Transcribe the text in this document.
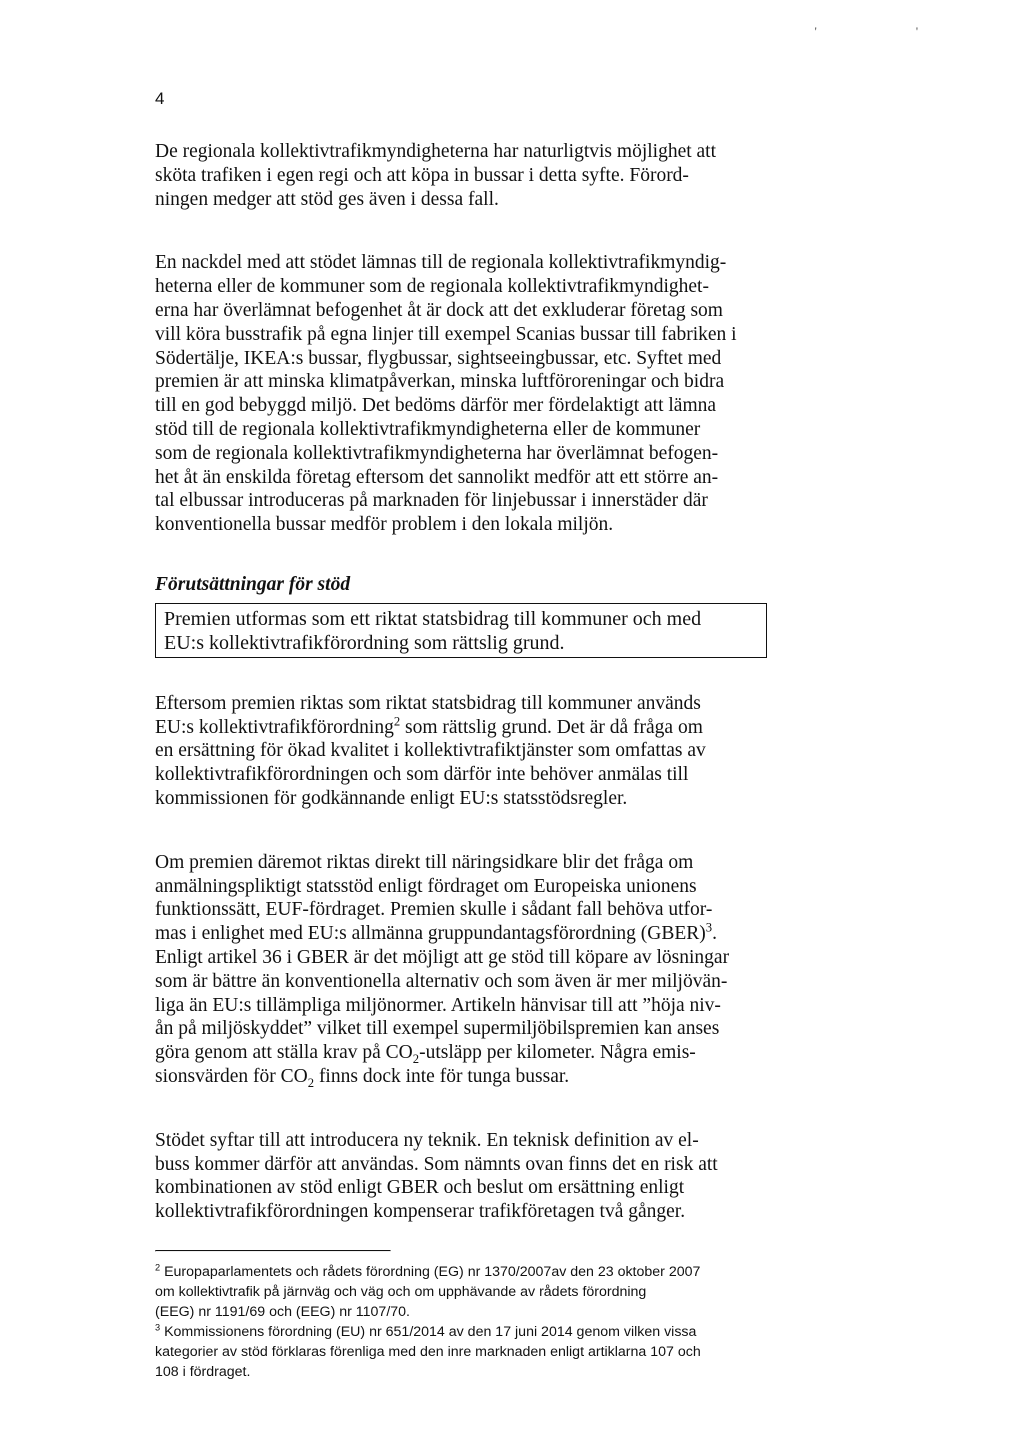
4
' '

De regionala kollektivtrafikmyndigheterna har naturligtvis möjlighet att
sköta trafiken i egen regi och att köpa in bussar i detta syfte. Förord-
ningen medger att stöd ges även i dessa fall.

En nackdel med att stödet lämnas till de regionala kollektivtrafikmyndig-
heterna eller de kommuner som de regionala kollektivtrafikmyndighet-
erna har överlämnat befogenhet åt är dock att det exkluderar företag som
vill köra busstrafik på egna linjer till exempel Scanias bussar till fabriken i
Södertälje, IKEA:s bussar, flygbussar, sightseeingbussar, etc. Syftet med
premien är att minska klimatpåverkan, minska luftföroreningar och bidra
till en god bebyggd miljö. Det bedöms därför mer fördelaktigt att lämna
stöd till de regionala kollektivtrafikmyndigheterna eller de kommuner
som de regionala kollektivtrafikmyndigheterna har överlämnat befogen-
het åt än enskilda företag eftersom det sannolikt medför att ett större an-
tal elbussar introduceras på marknaden för linjebussar i innerstäder där
konventionella bussar medför problem i den lokala miljön.

Förutsättningar för stöd

Premien utformas som ett riktat statsbidrag till kommuner och med
EU:s kollektivtrafikförordning som rättslig grund.

Eftersom premien riktas som riktat statsbidrag till kommuner används
EU:s kollektivtrafikförordning$^2$ som rättslig grund. Det är då fråga om
en ersättning för ökad kvalitet i kollektivtrafiktjänster som omfattas av
kollektivtrafikförordningen och som därför inte behöver anmälas till
kommissionen för godkännande enligt EU:s statsstödsregler.

Om premien däremot riktas direkt till näringsidkare blir det fråga om
anmälningspliktigt statsstöd enligt fördraget om Europeiska unionens
funktionssätt, EUF-fördraget. Premien skulle i sådant fall behöva utfor-
mas i enlighet med EU:s allmänna gruppundantagsförordning (GBER)$^3$.
Enligt artikel 36 i GBER är det möjligt att ge stöd till köpare av lösningar
som är bättre än konventionella alternativ och som även är mer miljövän-
liga än EU:s tillämpliga miljönormer. Artikeln hänvisar till att ”höja niv-
ån på miljöskyddet” vilket till exempel supermiljöbilspremien kan anses
göra genom att ställa krav på $CO_2$-utsläpp per kilometer. Några emis-
sionsvärden för $CO_2$ finns dock inte för tunga bussar.

Stödet syftar till att introducera ny teknik. En teknisk definition av el-
buss kommer därför att användas. Som nämnts ovan finns det en risk att
kombinationen av stöd enligt GBER och beslut om ersättning enligt
kollektivtrafikförordningen kompenserar trafikföretagen två gånger.

$^2$ Europaparlamentets och rådets förordning (EG) nr 1370/2007av den 23 oktober 2007
om kollektivtrafik på järnväg och väg och om upphävande av rådets förordning
(EEG) nr 1191/69 och (EEG) nr 1107/70.
$^3$ Kommissionens förordning (EU) nr 651/2014 av den 17 juni 2014 genom vilken vissa
kategorier av stöd förklaras förenliga med den inre marknaden enligt artiklarna 107 och
108 i fördraget.
